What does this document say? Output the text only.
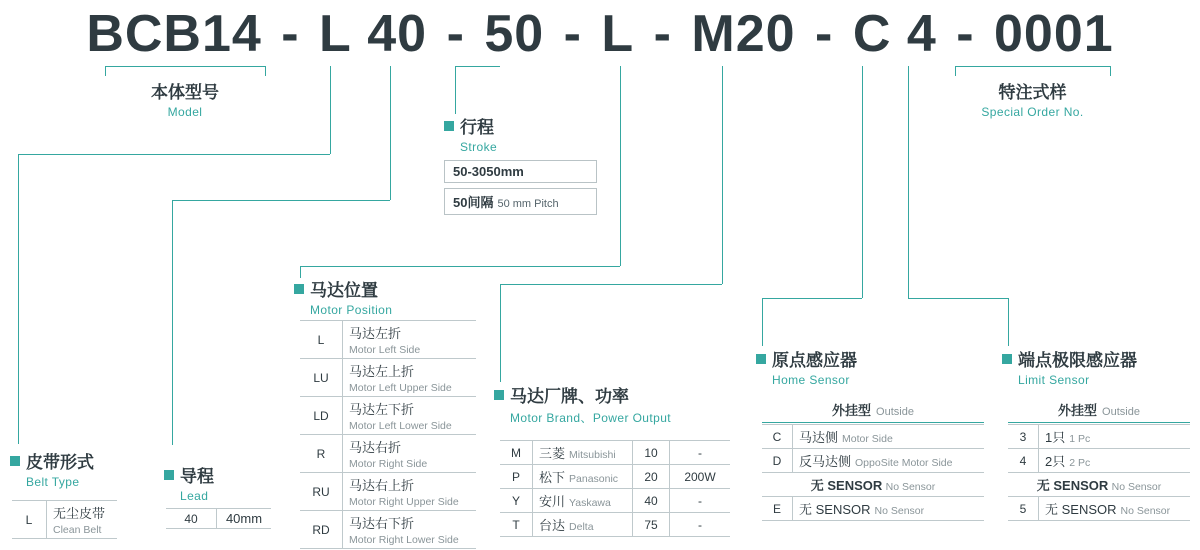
BCB14 - L 40 - 50 - L - M20 - C 4 - 0001
本体型号
Model
特注式样
Special Order No.
行程
Stroke
50-3050mm
50间隔 50 mm Pitch
皮带形式
Belt Type
L	无尘皮带
Clean Belt
导程
Lead
40	40mm
马达位置
Motor Position
L	马达左折
Motor Left Side
LU	马达左上折
Motor Left Upper Side
LD	马达左下折
Motor Left Lower Side
R	马达右折
Motor Right Side
RU	马达右上折
Motor Right Upper Side
RD	马达右下折
Motor Right Lower Side
马达厂牌、功率
Motor Brand、Power Output
M	三菱 Mitsubishi	10	-
P	松下 Panasonic	20	200W
Y	安川 Yaskawa	40	-
T	台达 Delta	75	-
原点感应器
Home Sensor
外挂型 Outside
C	马达侧 Motor Side
D	反马达侧 OppoSite Motor Side
无 SENSOR No Sensor	
E	无 SENSOR No Sensor
端点极限感应器
Limit Sensor
外挂型 Outside
3	1只 1 Pc
4	2只 2 Pc
无 SENSOR No Sensor	
5	无 SENSOR No Sensor
